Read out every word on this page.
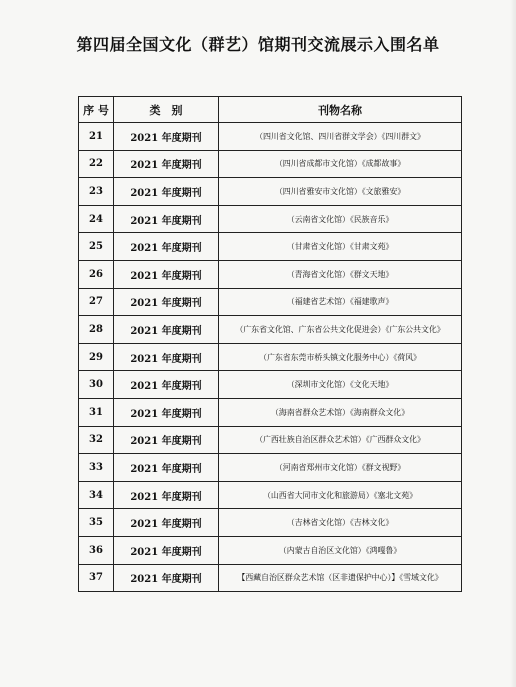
第四届全国文化（群艺）馆期刊交流展示入围名单
序 号	类　别	刊物名称
21	2021 年度期刊	（四川省文化馆、四川省群文学会）《四川群文》
22	2021 年度期刊	（四川省成都市文化馆）《成都故事》
23	2021 年度期刊	（四川省雅安市文化馆）《文旅雅安》
24	2021 年度期刊	（云南省文化馆）《民族音乐》
25	2021 年度期刊	（甘肃省文化馆）《甘肃文苑》
26	2021 年度期刊	（青海省文化馆）《群文天地》
27	2021 年度期刊	（福建省艺术馆）《福建歌声》
28	2021 年度期刊	（广东省文化馆、广东省公共文化促进会）《广东公共文化》
29	2021 年度期刊	（广东省东莞市桥头镇文化服务中心）《荷风》
30	2021 年度期刊	（深圳市文化馆）《文化天地》
31	2021 年度期刊	（海南省群众艺术馆）《海南群众文化》
32	2021 年度期刊	（广西壮族自治区群众艺术馆）《广西群众文化》
33	2021 年度期刊	（河南省郑州市文化馆）《群文视野》
34	2021 年度期刊	（山西省大同市文化和旅游局）《塞北文苑》
35	2021 年度期刊	（吉林省文化馆）《吉林文化》
36	2021 年度期刊	（内蒙古自治区文化馆）《鸿嘎鲁》
37	2021 年度期刊	【西藏自治区群众艺术馆（区非遗保护中心）】《雪域文化》
